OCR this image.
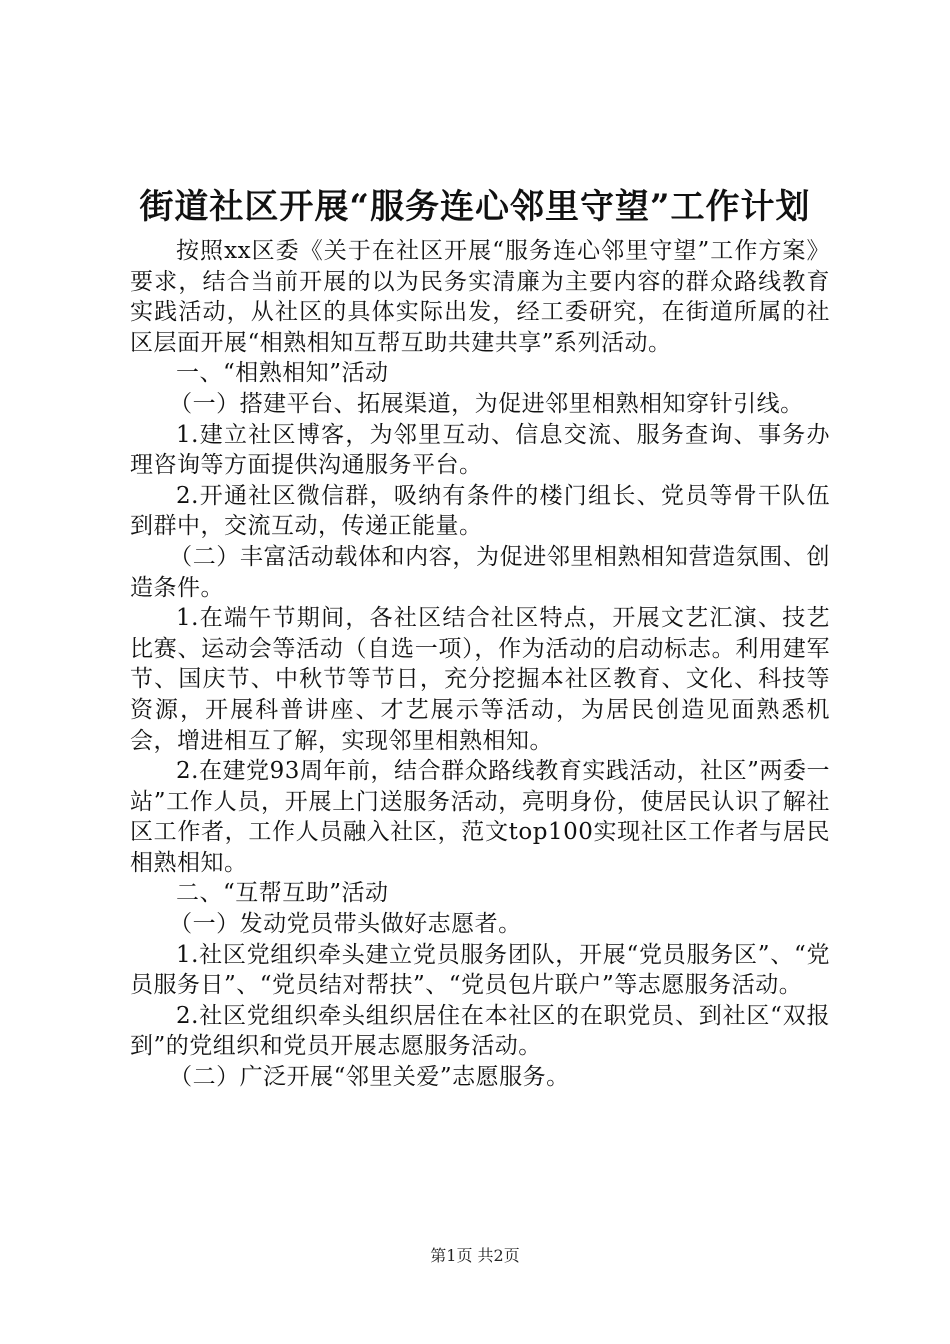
街道社区开展“服务连心邻里守望”工作计划

按照xx区委《关于在社区开展“服务连心邻里守望”工作方案》要求，结合当前开展的以为民务实清廉为主要内容的群众路线教育实践活动，从社区的具体实际出发，经工委研究，在街道所属的社区层面开展“相熟相知互帮互助共建共享”系列活动。

一、“相熟相知”活动

（一）搭建平台、拓展渠道，为促进邻里相熟相知穿针引线。

1.建立社区博客，为邻里互动、信息交流、服务查询、事务办理咨询等方面提供沟通服务平台。

2.开通社区微信群，吸纳有条件的楼门组长、党员等骨干队伍到群中，交流互动，传递正能量。

（二）丰富活动载体和内容，为促进邻里相熟相知营造氛围、创造条件。

1.在端午节期间，各社区结合社区特点，开展文艺汇演、技艺比赛、运动会等活动（自选一项），作为活动的启动标志。利用建军节、国庆节、中秋节等节日，充分挖掘本社区教育、文化、科技等资源，开展科普讲座、才艺展示等活动，为居民创造见面熟悉机会，增进相互了解，实现邻里相熟相知。

2.在建党93周年前，结合群众路线教育实践活动，社区”两委一站”工作人员，开展上门送服务活动，亮明身份，使居民认识了解社区工作者，工作人员融入社区，范文top100实现社区工作者与居民相熟相知。

二、“互帮互助”活动

（一）发动党员带头做好志愿者。

1.社区党组织牵头建立党员服务团队，开展“党员服务区”、“党员服务日”、“党员结对帮扶”、“党员包片联户”等志愿服务活动。

2.社区党组织牵头组织居住在本社区的在职党员、到社区“双报到”的党组织和党员开展志愿服务活动。

（二）广泛开展“邻里关爱”志愿服务。

第1页 共2页
